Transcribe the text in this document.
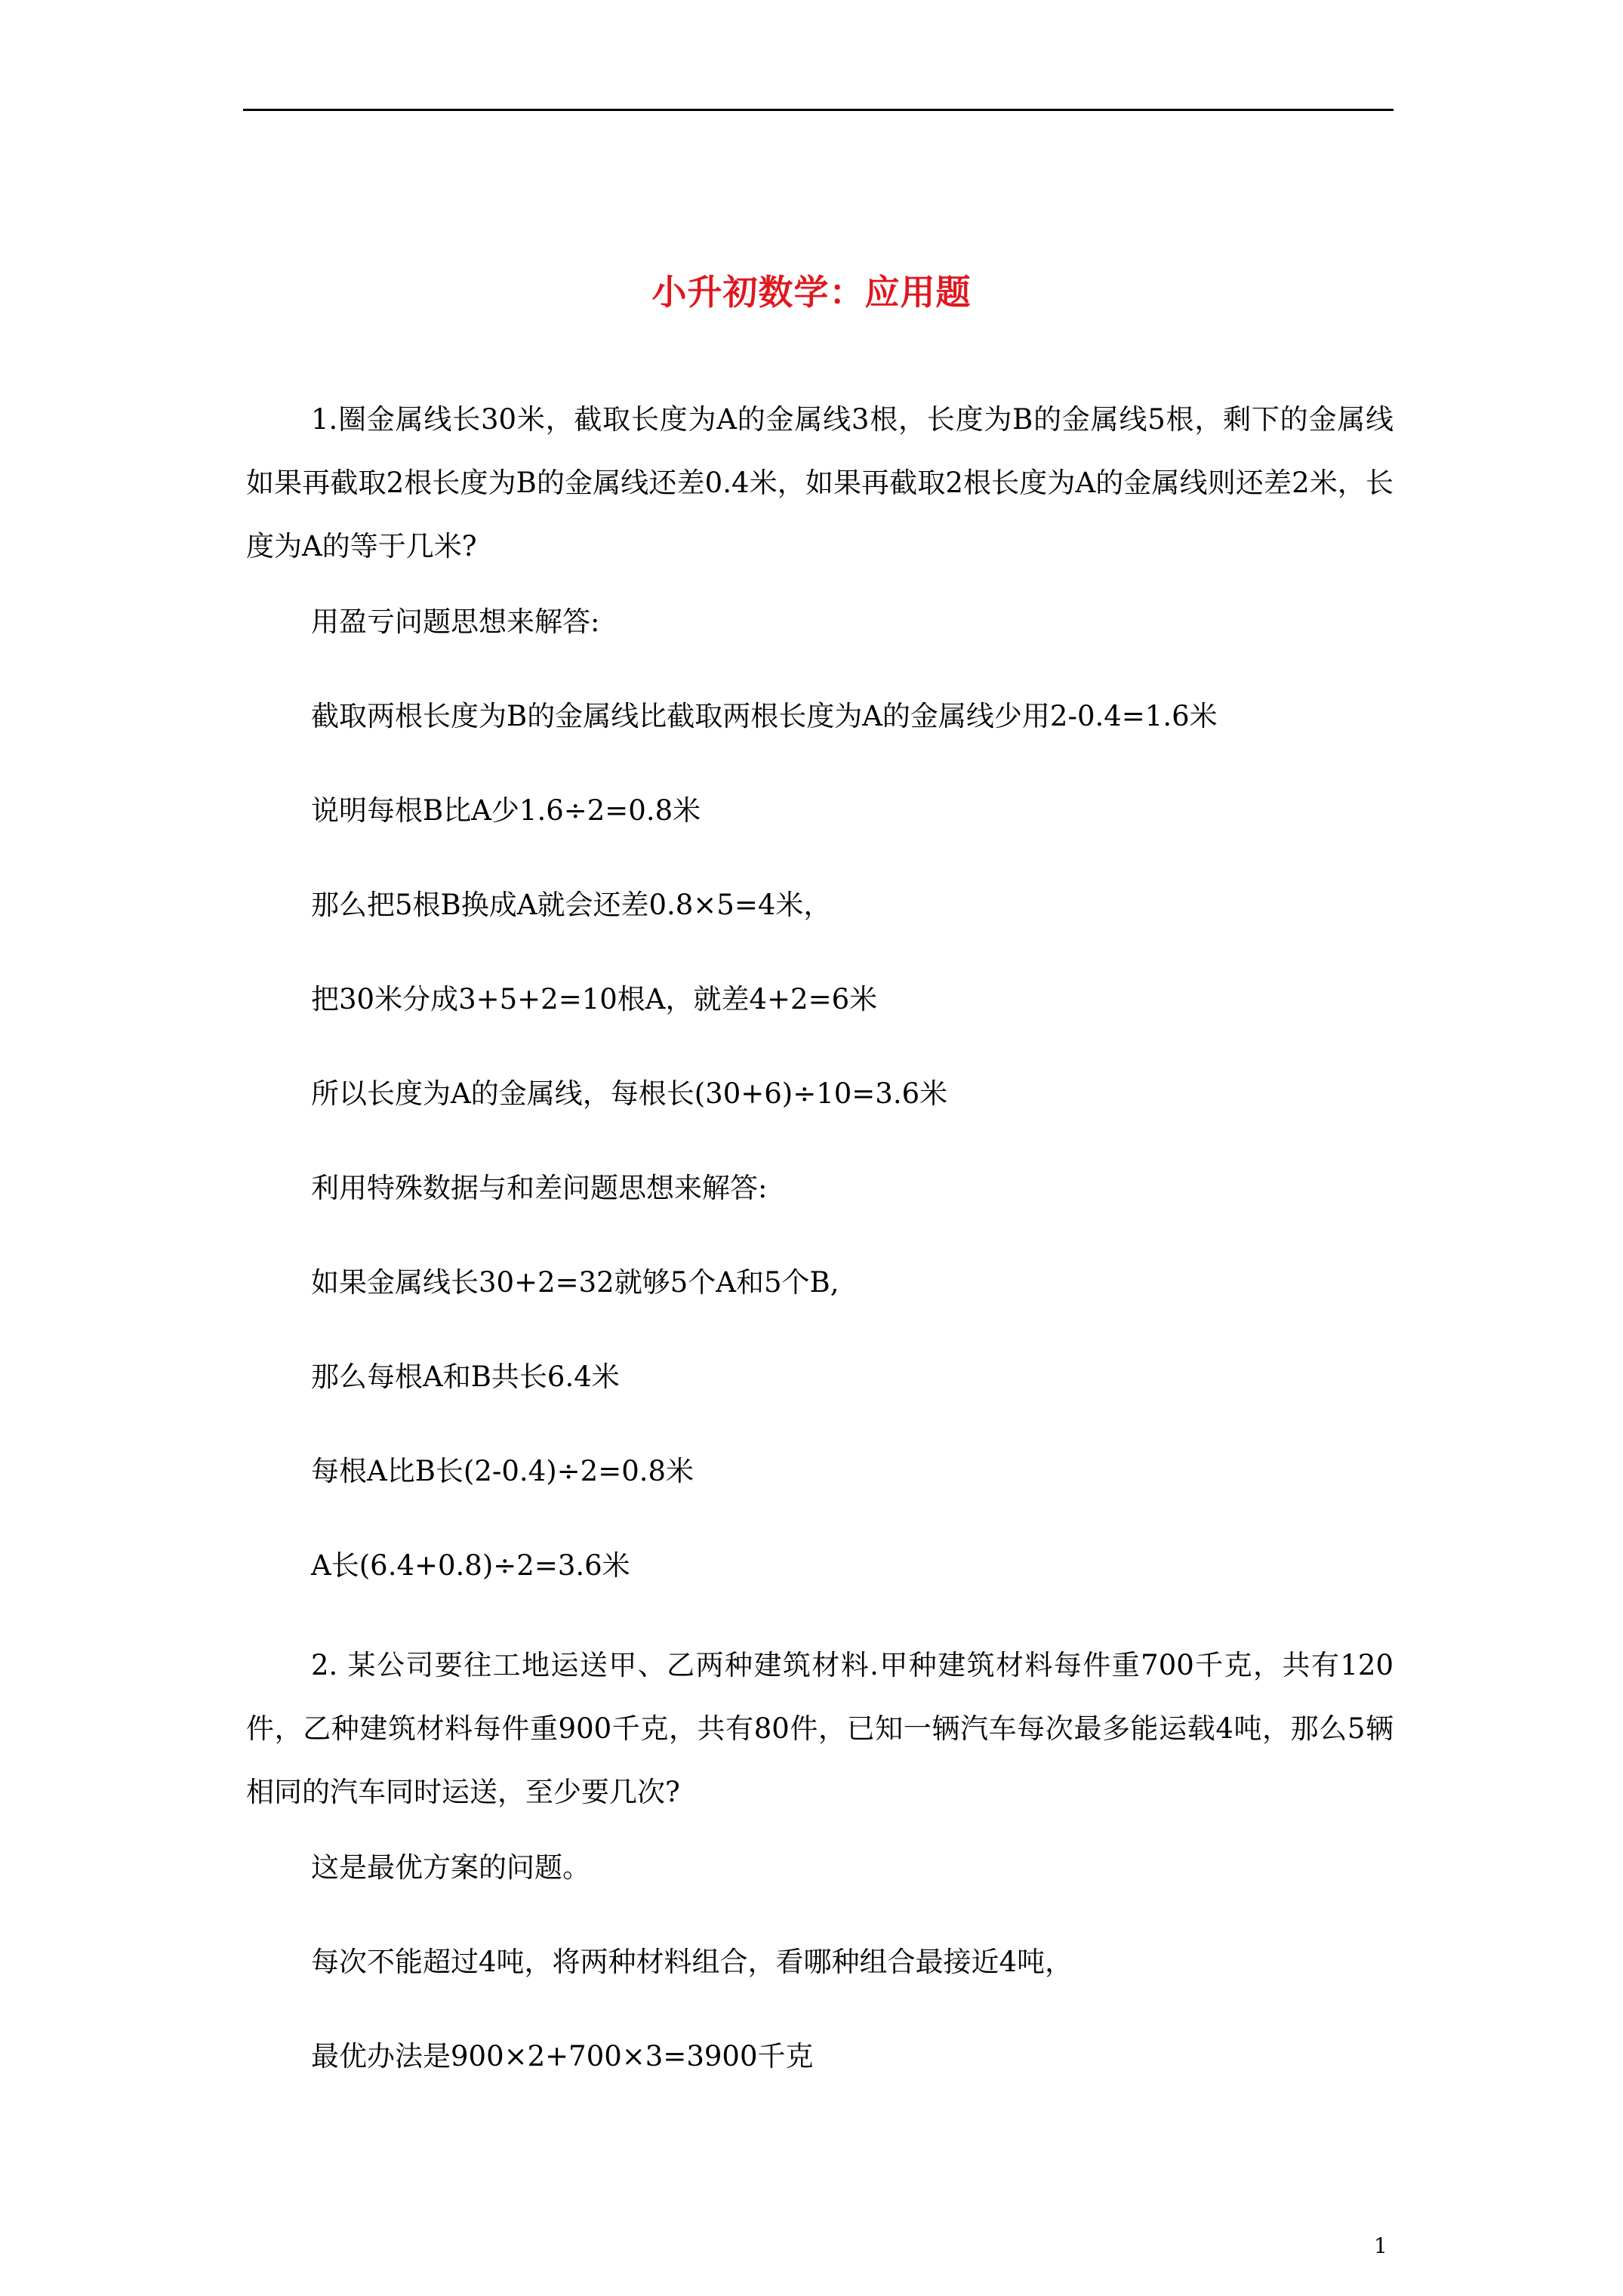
小升初数学：应用题

1.圈金属线长30米，截取长度为A的金属线3根，长度为B的金属线5根，剩下的金属线如果再截取2根长度为B的金属线还差0.4米，如果再截取2根长度为A的金属线则还差2米，长度为A的等于几米?

用盈亏问题思想来解答:

截取两根长度为B的金属线比截取两根长度为A的金属线少用2-0.4=1.6米

说明每根B比A少1.6÷2=0.8米

那么把5根B换成A就会还差0.8×5=4米，

把30米分成3+5+2=10根A，就差4+2=6米

所以长度为A的金属线，每根长(30+6)÷10=3.6米

利用特殊数据与和差问题思想来解答:

如果金属线长30+2=32就够5个A和5个B,

那么每根A和B共长6.4米

每根A比B长(2-0.4)÷2=0.8米

A长(6.4+0.8)÷2=3.6米

2. 某公司要往工地运送甲、乙两种建筑材料.甲种建筑材料每件重700千克，共有120件，乙种建筑材料每件重900千克，共有80件，已知一辆汽车每次最多能运载4吨，那么5辆相同的汽车同时运送，至少要几次?

这是最优方案的问题。

每次不能超过4吨，将两种材料组合，看哪种组合最接近4吨，

最优办法是900×2+700×3=3900千克

1
